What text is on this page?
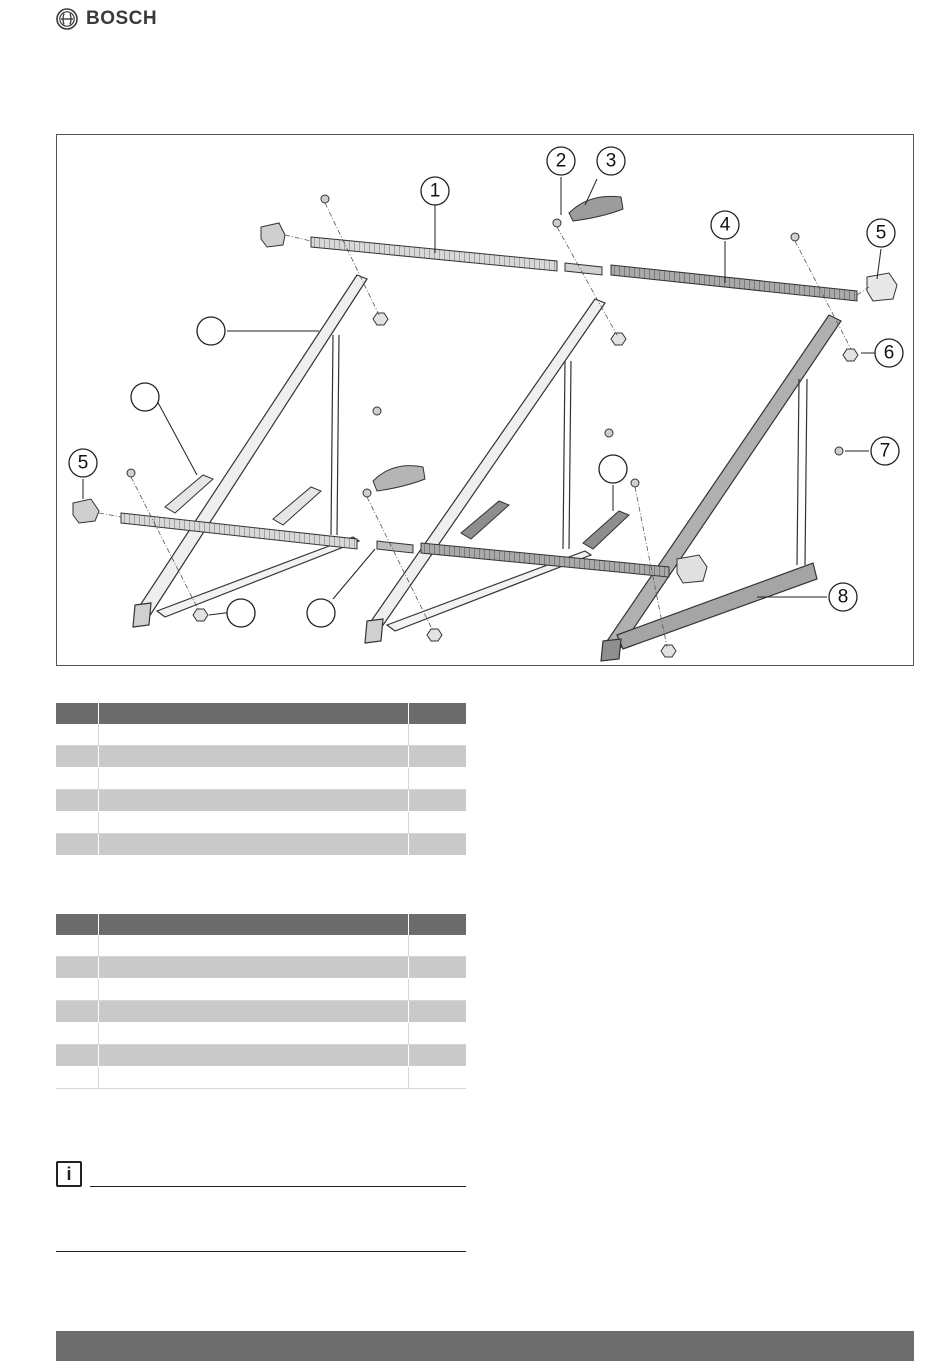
BOSCH
1
2 3
4	5
6
7
8
5

i
